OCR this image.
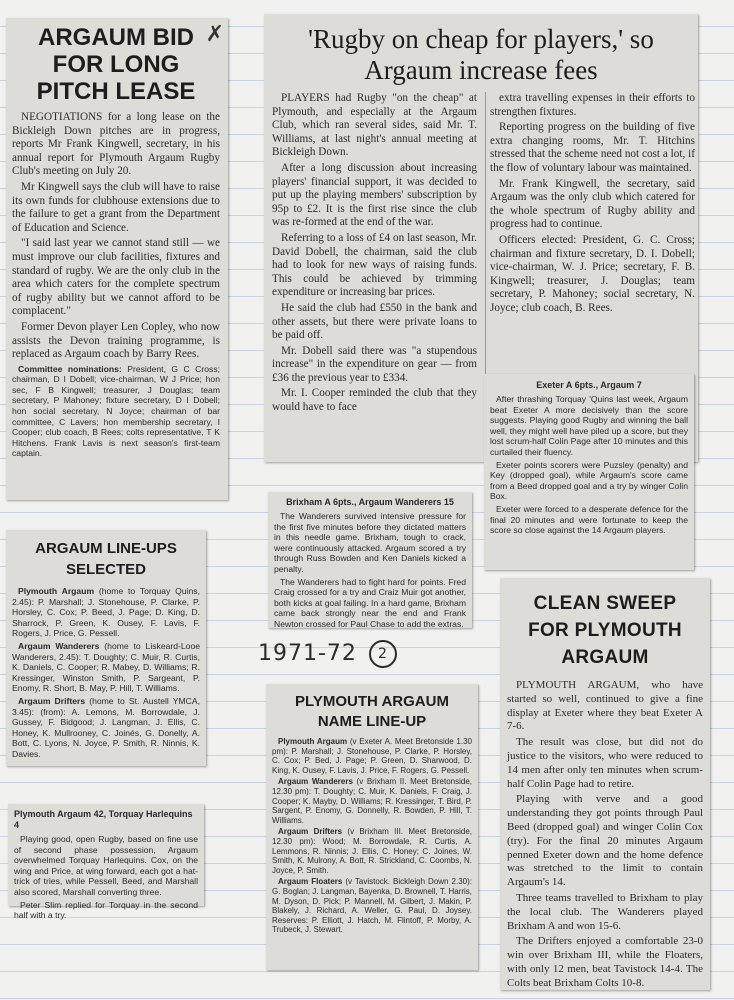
✗
ARGAUM BID FOR LONG PITCH LEASE

NEGOTIATIONS for a long lease on the Bickleigh Down pitches are in progress, reports Mr Frank Kingwell, secretary, in his annual report for Plymouth Argaum Rugby Club's meeting on July 20.

Mr Kingwell says the club will have to raise its own funds for clubhouse extensions due to the failure to get a grant from the Department of Education and Science.

"I said last year we cannot stand still — we must improve our club facilities, fixtures and standard of rugby. We are the only club in the area which caters for the complete spectrum of rugby ability but we cannot afford to be complacent."

Former Devon player Len Copley, who now assists the Devon training programme, is replaced as Argaum coach by Barry Rees.

Committee nominations: President, G C Cross; chairman, D I Dobell; vice-chairman, W J Price; hon sec, F B Kingwell; treasurer, J Douglas; team secretary, P Mahoney; fixture secretary, D I Dobell; hon social secretary, N Joyce; chairman of bar committee, C Lavers; hon membership secretary, I Cooper; club coach, B Rees; colts representative, T K Hitchens. Frank Lavis is next season's first-team captain.

'Rugby on cheap for players,' so Argaum increase fees

PLAYERS had Rugby "on the cheap" at Plymouth, and especially at the Argaum Club, which ran several sides, said Mr. T. Williams, at last night's annual meeting at Bickleigh Down.

After a long discussion about increasing players' financial support, it was decided to put up the playing members' subscription by 95p to £2. It is the first rise since the club was re-formed at the end of the war.

Referring to a loss of £4 on last season, Mr. David Dobell, the chairman, said the club had to look for new ways of raising funds. This could be achieved by trimming expenditure or increasing bar prices.

He said the club had £550 in the bank and other assets, but there were private loans to be paid off.

Mr. Dobell said there was "a stupendous increase" in the expenditure on gear — from £36 the previous year to £334.

Mr. I. Cooper reminded the club that they would have to face

extra travelling expenses in their efforts to strengthen fixtures.

Reporting progress on the building of five extra changing rooms, Mr. T. Hitchins stressed that the scheme need not cost a lot, if the flow of voluntary labour was maintained.

Mr. Frank Kingwell, the secretary, said Argaum was the only club which catered for the whole spectrum of Rugby ability and progress had to continue.

Officers elected: President, G. C. Cross; chairman and fixture secretary, D. I. Dobell; vice-chairman, W. J. Price; secretary, F. B. Kingwell; treasurer, J. Douglas; team secretary, P. Mahoney; social secretary, N. Joyce; club coach, B. Rees.

Exeter A 6pts., Argaum 7

After thrashing Torquay 'Quins last week, Argaum beat Exeter A more decisively than the score suggests. Playing good Rugby and winning the ball well, they might well have piled up a score, but they lost scrum-half Colin Page after 10 minutes and this curtailed their fluency.

Exeter points scorers were Puzsley (penalty) and Key (dropped goal), while Argaum's score came from a Beed dropped goal and a try by winger Colin Box.

Exeter were forced to a desperate defence for the final 20 minutes and were fortunate to keep the score so close against the 14 Argaum players.

Brixham A 6pts., Argaum Wanderers 15

The Wanderers survived intensive pressure for the first five minutes before they dictated matters in this needle game. Brixham, tough to crack, were continuously attacked. Argaum scored a try through Russ Bowden and Ken Daniels kicked a penalty.

The Wanderers had to fight hard for points. Fred Craig crossed for a try and Craiz Muir got another, both kicks at goal failing. In a hard game, Brixham came back strongly near the end and Frank Newton crossed for Paul Chase to add the extras.

ARGAUM LINE-UPS SELECTED

Plymouth Argaum (home to Torquay Quins, 2.45): P. Marshall; J. Stonehouse, P. Clarke, P. Horsley, C. Cox; P. Beed, J. Page; D. King, D. Sharrock, P. Green, K. Ousey, F. Lavis, F. Rogers, J. Price, G. Pessell.

Argaum Wanderers (home to Liskeard-Looe Wanderers, 2.45): T. Doughty; C. Muir, R. Curtis, K. Daniels, C. Cooper; R. Mabey, D. Williams; R. Kressinger, Winston Smith, P. Sargeant, P. Enomy, R. Short, B. May, P. Hill, T. Williams.

Argaum Drifters (home to St. Austell YMCA, 3.45): (from): A. Lemons, M. Borrowdale, J. Gussey, F. Bidgood; J. Langman, J. Ellis, C. Honey, K. Mullrooney, C. Joinés, G. Donelly, A. Bott, C. Lyons, N. Joyce, P. Smith, R. Ninnis, K. Davies.

1971-72 2

Plymouth Argaum 42, Torquay Harlequins 4

Playing good, open Rugby, based on fine use of second phase possession, Argaum overwhelmed Torquay Harlequins. Cox, on the wing and Price, at wing forward, each got a hat-trick of tries, while Pessell, Beed, and Marshall also scored, Marshall converting three.

Peter Slim replied for Torquay in the second half with a try.

PLYMOUTH ARGAUM NAME LINE-UP

Plymouth Argaum (v Exeter A. Meet Bretonside 1.30 pm): P. Marshall; J. Stonehouse, P. Clarke, P. Horsley, C. Cox; P. Bed, J. Page; P. Green, D. Sharwood, D. King, K. Ousey, F. Lavis, J. Price, F. Rogers, G. Pessell.

Argaum Wanderers (v Brixham II. Meet Bretonside, 12.30 pm): T. Doughty; C. Muir, K. Daniels, F. Craig, J. Cooper; K. Mayby, D. Williams; R. Kressinger, T. Bird, P. Sargent, P. Enomy, G. Donnelly, R. Bowden, P. Hill, T. Williams.

Argaum Drifters (v Brixham III. Meet Bretonside, 12.30 pm): Wood; M. Borrowdale, R. Curtis, A. Lemmons, R. Ninnis; J. Ellis, C. Honey; C. Joines, W. Smith, K. Mulrony, A. Bott, R. Strickland, C. Coombs, N. Joyce, P. Smith.

Argaum Floaters (v Tavistock. Bickleigh Down 2.30): G. Boglan; J. Langman, Bayenka, D. Brownell, T. Harris, M. Dyson, D. Pick; P. Mannell, M. Gilbert, J. Makin, P. Blakely, J. Richard, A. Weller, G. Paul, D. Joysey. Reserves: P. Elliott, J. Hatch, M. Flintoff, P. Morby, A. Trubeck, J. Stewart.

CLEAN SWEEP FOR PLYMOUTH ARGAUM

PLYMOUTH ARGAUM, who have started so well, continued to give a fine display at Exeter where they beat Exeter A 7-6.

The result was close, but did not do justice to the visitors, who were reduced to 14 men after only ten minutes when scrum-half Colin Page had to retire.

Playing with verve and a good understanding they got points through Paul Beed (dropped goal) and winger Colin Cox (try). For the final 20 minutes Argaum penned Exeter down and the home defence was stretched to the limit to contain Argaum's 14.

Three teams travelled to Brixham to play the local club. The Wanderers played Brixham A and won 15-6.

The Drifters enjoyed a comfortable 23-0 win over Brixham III, while the Floaters, with only 12 men, beat Tavistock 14-4. The Colts beat Brixham Colts 10-8.
